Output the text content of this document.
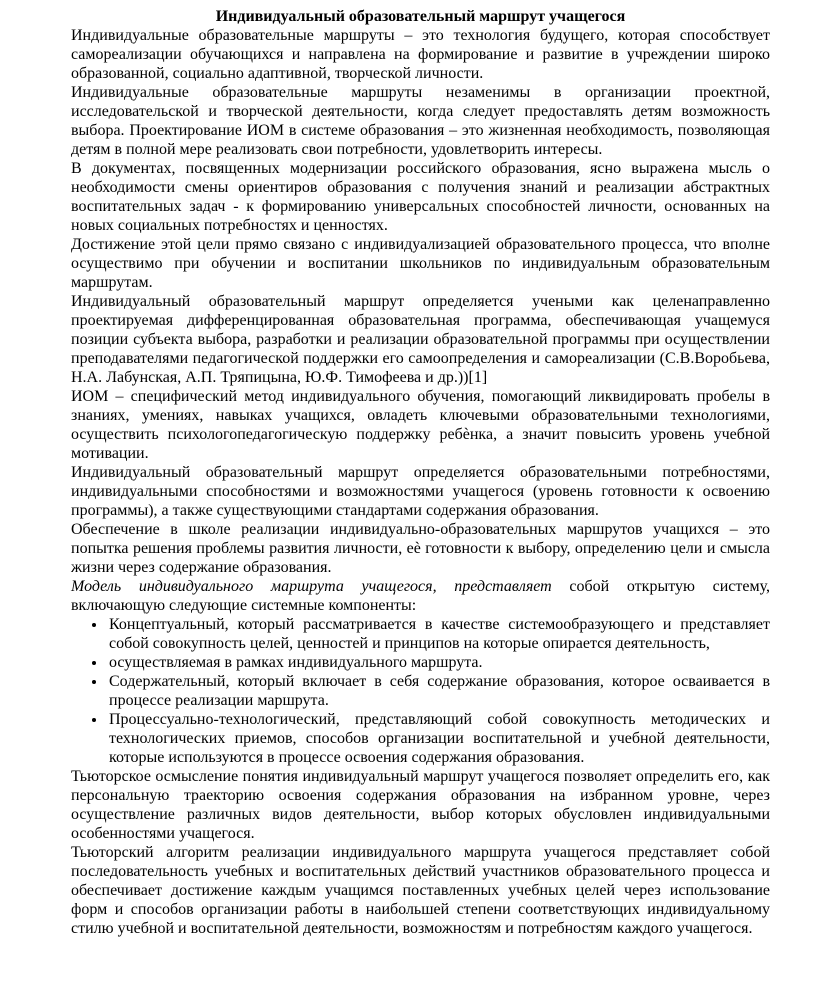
Индивидуальный образовательный маршрут учащегося

Индивидуальные образовательные маршруты – это технология будущего, которая способствует самореализации обучающихся и направлена на формирование и развитие в учреждении широко образованной, социально адаптивной, творческой личности.

Индивидуальные образовательные маршруты незаменимы в организации проектной, исследовательской и творческой деятельности, когда следует предоставлять детям возможность выбора. Проектирование ИОМ в системе образования – это жизненная необходимость, позволяющая детям в полной мере реализовать свои потребности, удовлетворить интересы.

В документах, посвященных модернизации российского образования, ясно выражена мысль о необходимости смены ориентиров образования с получения знаний и реализации абстрактных воспитательных задач - к формированию универсальных способностей личности, основанных на новых социальных потребностях и ценностях.

Достижение этой цели прямо связано с индивидуализацией образовательного процесса, что вполне осуществимо при обучении и воспитании школьников по индивидуальным образовательным маршрутам.

Индивидуальный образовательный маршрут определяется учеными как целенаправленно проектируемая дифференцированная образовательная программа, обеспечивающая учащемуся позиции субъекта выбора, разработки и реализации образовательной программы при осуществлении преподавателями педагогической поддержки его самоопределения и самореализации (С.В.Воробьева, Н.А. Лабунская, А.П. Тряпицына, Ю.Ф. Тимофеева и др.))[1]

ИОМ – специфический метод индивидуального обучения, помогающий ликвидировать пробелы в знаниях, умениях, навыках учащихся, овладеть ключевыми образовательными технологиями, осуществить психологопедагогическую поддержку ребѐнка, а значит повысить уровень учебной мотивации.

Индивидуальный образовательный маршрут определяется образовательными потребностями, индивидуальными способностями и возможностями учащегося (уровень готовности к освоению программы), а также существующими стандартами содержания образования.

Обеспечение в школе реализации индивидуально-образовательных маршрутов учащихся – это попытка решения проблемы развития личности, еѐ готовности к выбору, определению цели и смысла жизни через содержание образования.

Модель индивидуального маршрута учащегося, представляет собой открытую систему, включающую следующие системные компоненты:

• Концептуальный, который рассматривается в качестве системообразующего и представляет собой совокупность целей, ценностей и принципов на которые опирается деятельность,
• осуществляемая в рамках индивидуального маршрута.
• Содержательный, который включает в себя содержание образования, которое осваивается в процессе реализации маршрута.
• Процессуально-технологический, представляющий собой совокупность методических и технологических приемов, способов организации воспитательной и учебной деятельности, которые используются в процессе освоения содержания образования.

Тьюторское осмысление понятия индивидуальный маршрут учащегося позволяет определить его, как персональную траекторию освоения содержания образования на избранном уровне, через осуществление различных видов деятельности, выбор которых обусловлен индивидуальными особенностями учащегося.

Тьюторский алгоритм реализации индивидуального маршрута учащегося представляет собой последовательность учебных и воспитательных действий участников образовательного процесса и обеспечивает достижение каждым учащимся поставленных учебных целей через использование форм и способов организации работы в наибольшей степени соответствующих индивидуальному стилю учебной и воспитательной деятельности, возможностям и потребностям каждого учащегося.
